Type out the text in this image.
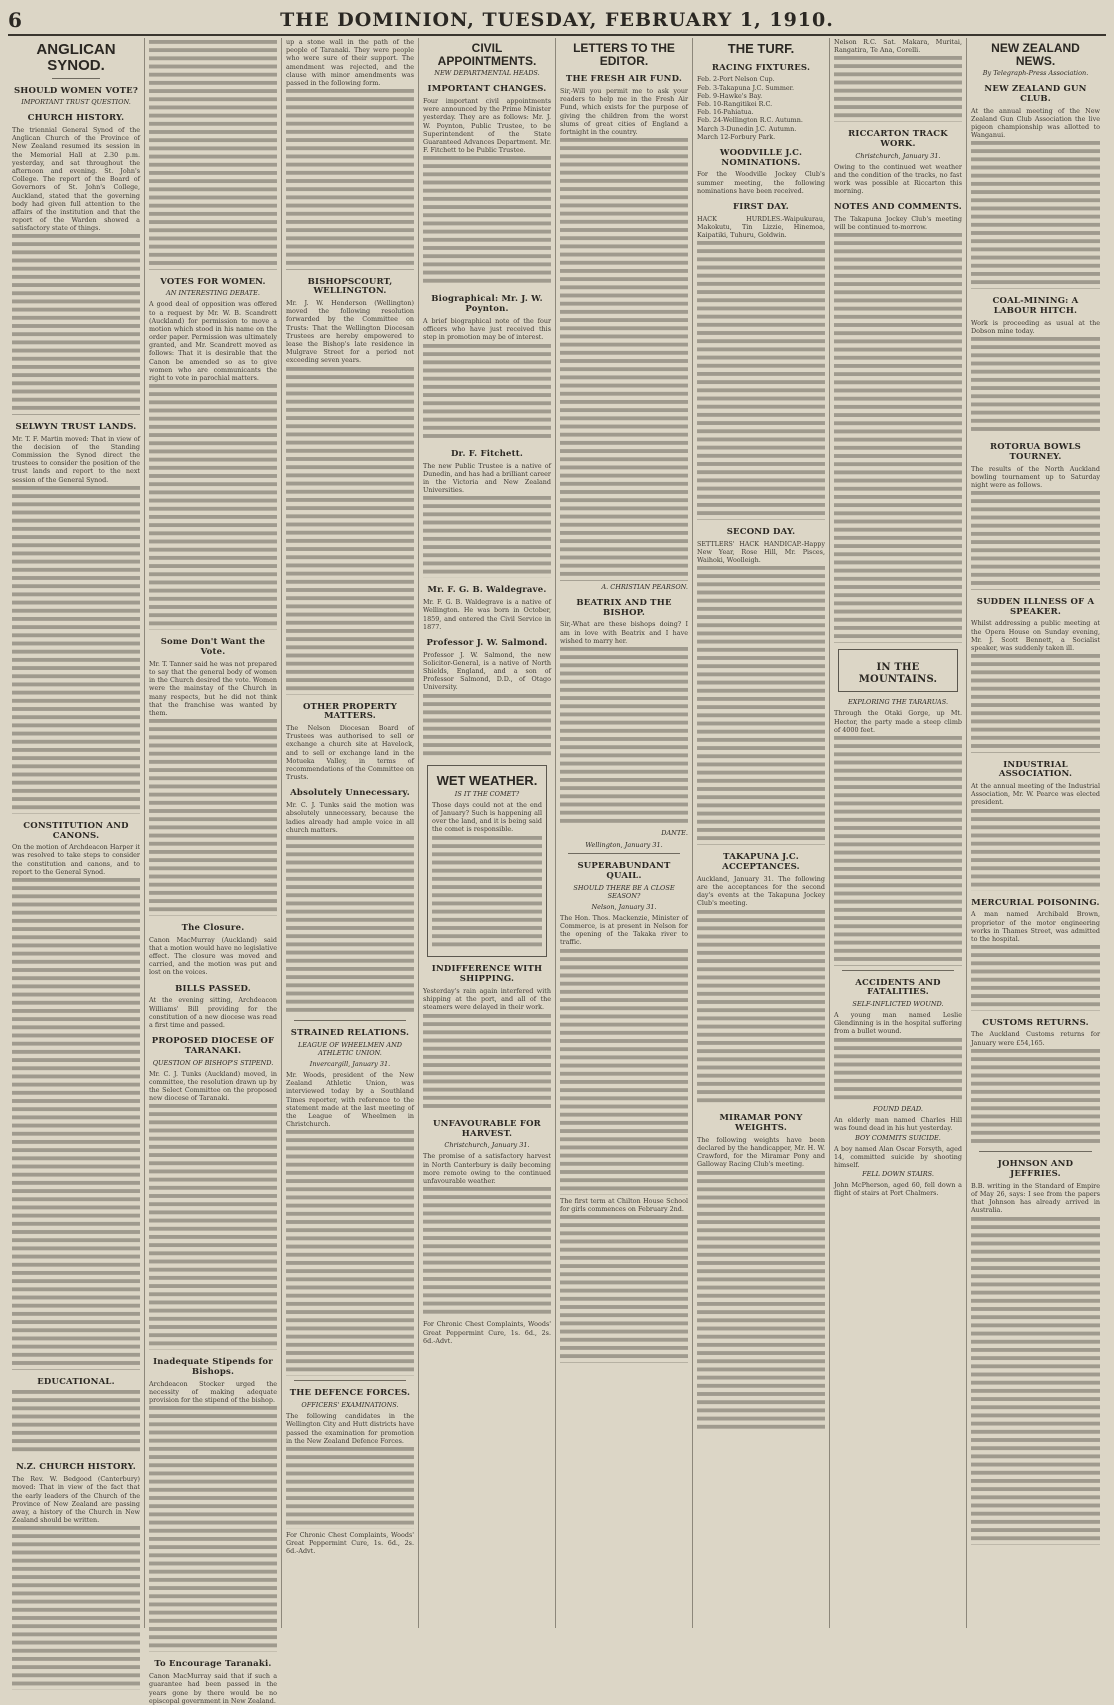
6	THE DOMINION, TUESDAY, FEBRUARY 1, 1910.
ANGLICAN SYNOD.
SHOULD WOMEN VOTE?
IMPORTANT TRUST QUESTION.
CHURCH HISTORY.

The triennial General Synod of the Anglican Church of the Province of New Zealand resumed its session in the Memorial Hall at 2.30 p.m. yesterday, and sat throughout the afternoon and evening. St. John's College. The report of the Board of Governors of St. John's College, Auckland, stated that the governing body had given full attention to the affairs of the institution and that the report of the Warden showed a satisfactory state of things.

SELWYN TRUST LANDS.

Mr. T. F. Martin moved: That in view of the decision of the Standing Commission the Synod direct the trustees to consider the position of the trust lands and report to the next session of the General Synod.

CONSTITUTION AND CANONS.

On the motion of Archdeacon Harper it was resolved to take steps to consider the constitution and canons, and to report to the General Synod.

EDUCATIONAL.

N.Z. CHURCH HISTORY.

The Rev. W. Bedgood (Canterbury) moved: That in view of the fact that the early leaders of the Church of the Province of New Zealand are passing away, a history of the Church in New Zealand should be written.

VOTES FOR WOMEN.
AN INTERESTING DEBATE.

A good deal of opposition was offered to a request by Mr. W. B. Scandrett (Auckland) for permission to move a motion which stood in his name on the order paper. Permission was ultimately granted, and Mr. Scandrett moved as follows: That it is desirable that the Canon be amended so as to give women who are communicants the right to vote in parochial matters.

Some Don't Want the Vote.

Mr. T. Tanner said he was not prepared to say that the general body of women in the Church desired the vote. Women were the mainstay of the Church in many respects, but he did not think that the franchise was wanted by them.

The Closure.

Canon MacMurray (Auckland) said that a motion would have no legislative effect. The closure was moved and carried, and the motion was put and lost on the voices.

BILLS PASSED.

At the evening sitting, Archdeacon Williams' Bill providing for the constitution of a new diocese was read a first time and passed.

PROPOSED DIOCESE OF TARANAKI.
QUESTION OF BISHOP'S STIPEND.

Mr. C. J. Tunks (Auckland) moved, in committee, the resolution drawn up by the Select Committee on the proposed new diocese of Taranaki.

Inadequate Stipends for Bishops.

Archdeacon Stocker urged the necessity of making adequate provision for the stipend of the bishop.

To Encourage Taranaki.

Canon MacMurray said that if such a guarantee had been passed in the years gone by there would be no episcopal government in New Zealand.

up a stone wall in the path of the people of Taranaki. They were people who were sure of their support. The amendment was rejected, and the clause with minor amendments was passed in the following form.

BISHOPSCOURT, WELLINGTON.

Mr. J. W. Henderson (Wellington) moved the following resolution forwarded by the Committee on Trusts: That the Wellington Diocesan Trustees are hereby empowered to lease the Bishop's late residence in Mulgrave Street for a period not exceeding seven years.

OTHER PROPERTY MATTERS.

The Nelson Diocesan Board of Trustees was authorised to sell or exchange a church site at Havelock, and to sell or exchange land in the Motueka Valley, in terms of recommendations of the Committee on Trusts.

Absolutely Unnecessary.

Mr. C. J. Tunks said the motion was absolutely unnecessary, because the ladies already had ample voice in all church matters.

STRAINED RELATIONS.
LEAGUE OF WHEELMEN AND ATHLETIC UNION.
Invercargill, January 31.

Mr. Woods, president of the New Zealand Athletic Union, was interviewed today by a Southland Times reporter, with reference to the statement made at the last meeting of the League of Wheelmen in Christchurch.

THE DEFENCE FORCES.
OFFICERS' EXAMINATIONS.

The following candidates in the Wellington City and Hutt districts have passed the examination for promotion in the New Zealand Defence Forces.

For Chronic Chest Complaints, Woods' Great Peppermint Cure, 1s. 6d., 2s. 6d.-Advt.

CIVIL APPOINTMENTS.
NEW DEPARTMENTAL HEADS.
IMPORTANT CHANGES.

Four important civil appointments were announced by the Prime Minister yesterday. They are as follows: Mr. J. W. Poynton, Public Trustee, to be Superintendent of the State Guaranteed Advances Department. Mr. F. Fitchett to be Public Trustee.

Biographical: Mr. J. W. Poynton.

A brief biographical note of the four officers who have just received this step in promotion may be of interest.

Dr. F. Fitchett.

The new Public Trustee is a native of Dunedin, and has had a brilliant career in the Victoria and New Zealand Universities.

Mr. F. G. B. Waldegrave.

Mr. F. G. B. Waldegrave is a native of Wellington. He was born in October, 1859, and entered the Civil Service in 1877.

Professor J. W. Salmond.

Professor J. W. Salmond, the new Solicitor-General, is a native of North Shields, England, and a son of Professor Salmond, D.D., of Otago University.

WET WEATHER.
IS IT THE COMET?

Those days could not at the end of January? Such is happening all over the land, and it is being said the comet is responsible.

INDIFFERENCE WITH SHIPPING.

Yesterday's rain again interfered with shipping at the port, and all of the steamers were delayed in their work.

UNFAVOURABLE FOR HARVEST.
Christchurch, January 31.

The promise of a satisfactory harvest in North Canterbury is daily becoming more remote owing to the continued unfavourable weather.

For Chronic Chest Complaints, Woods' Great Peppermint Cure, 1s. 6d., 2s. 6d.-Advt.

LETTERS TO THE EDITOR.
THE FRESH AIR FUND.

Sir,-Will you permit me to ask your readers to help me in the Fresh Air Fund, which exists for the purpose of giving the children from the worst slums of great cities of England a fortnight in the country.

A. CHRISTIAN PEARSON.
BEATRIX AND THE BISHOP.

Sir,-What are these bishops doing? I am in love with Beatrix and I have wished to marry her.

DANTE.
Wellington, January 31.
SUPERABUNDANT QUAIL.
SHOULD THERE BE A CLOSE SEASON?
Nelson, January 31.

The Hon. Thos. Mackenzie, Minister of Commerce, is at present in Nelson for the opening of the Takaka river to traffic.

The first term at Chilton House School for girls commences on February 2nd.

THE TURF.
RACING FIXTURES.

Feb. 2-Port Nelson Cup.

Feb. 3-Takapuna J.C. Summer.

Feb. 9-Hawke's Bay.

Feb. 10-Rangitikei R.C.

Feb. 16-Pahiatua.

Feb. 24-Wellington R.C. Autumn.

March 3-Dunedin J.C. Autumn.

March 12-Forbury Park.

WOODVILLE J.C. NOMINATIONS.

For the Woodville Jockey Club's summer meeting, the following nominations have been received.

FIRST DAY.

HACK HURDLES.-Waipukurau, Makokutu, Tin Lizzie, Hinemoa, Kaipatiki, Tuhuru, Goldwin.

SECOND DAY.

SETTLERS' HACK HANDICAP.-Happy New Year, Rose Hill, Mr. Pisces, Waihoki, Woolleigh.

TAKAPUNA J.C. ACCEPTANCES.

Auckland, January 31. The following are the acceptances for the second day's events at the Takapuna Jockey Club's meeting.

MIRAMAR PONY WEIGHTS.

The following weights have been declared by the handicapper, Mr. H. W. Crawford, for the Miramar Pony and Galloway Racing Club's meeting.

Nelson R.C. Sat. Makara, Muritai, Rangatira, Te Ana, Corelli.

RICCARTON TRACK WORK.
Christchurch, January 31.

Owing to the continued wet weather and the condition of the tracks, no fast work was possible at Riccarton this morning.

NOTES AND COMMENTS.

The Takapuna Jockey Club's meeting will be continued to-morrow.

IN THE MOUNTAINS.
EXPLORING THE TARARUAS.

Through the Otaki Gorge, up Mt. Hector, the party made a steep climb of 4000 feet.

ACCIDENTS AND FATALITIES.
SELF-INFLICTED WOUND.

A young man named Leslie Glendinning is in the hospital suffering from a bullet wound.

FOUND DEAD.

An elderly man named Charles Hill was found dead in his hut yesterday.

BOY COMMITS SUICIDE.

A boy named Alan Oscar Forsyth, aged 14, committed suicide by shooting himself.

FELL DOWN STAIRS.

John McPherson, aged 60, fell down a flight of stairs at Port Chalmers.

NEW ZEALAND NEWS.
By Telegraph-Press Association.
NEW ZEALAND GUN CLUB.

At the annual meeting of the New Zealand Gun Club Association the live pigeon championship was allotted to Wanganui.

COAL-MINING: A LABOUR HITCH.

Work is proceeding as usual at the Dobson mine today.

ROTORUA BOWLS TOURNEY.

The results of the North Auckland bowling tournament up to Saturday night were as follows.

SUDDEN ILLNESS OF A SPEAKER.

Whilst addressing a public meeting at the Opera House on Sunday evening, Mr. J. Scott Bennett, a Socialist speaker, was suddenly taken ill.

INDUSTRIAL ASSOCIATION.

At the annual meeting of the Industrial Association, Mr. W. Pearce was elected president.

MERCURIAL POISONING.

A man named Archibald Brown, proprietor of the motor engineering works in Thames Street, was admitted to the hospital.

CUSTOMS RETURNS.

The Auckland Customs returns for January were £54,165.

JOHNSON AND JEFFRIES.

B.B. writing in the Standard of Empire of May 26, says: I see from the papers that Johnson has already arrived in Australia.
